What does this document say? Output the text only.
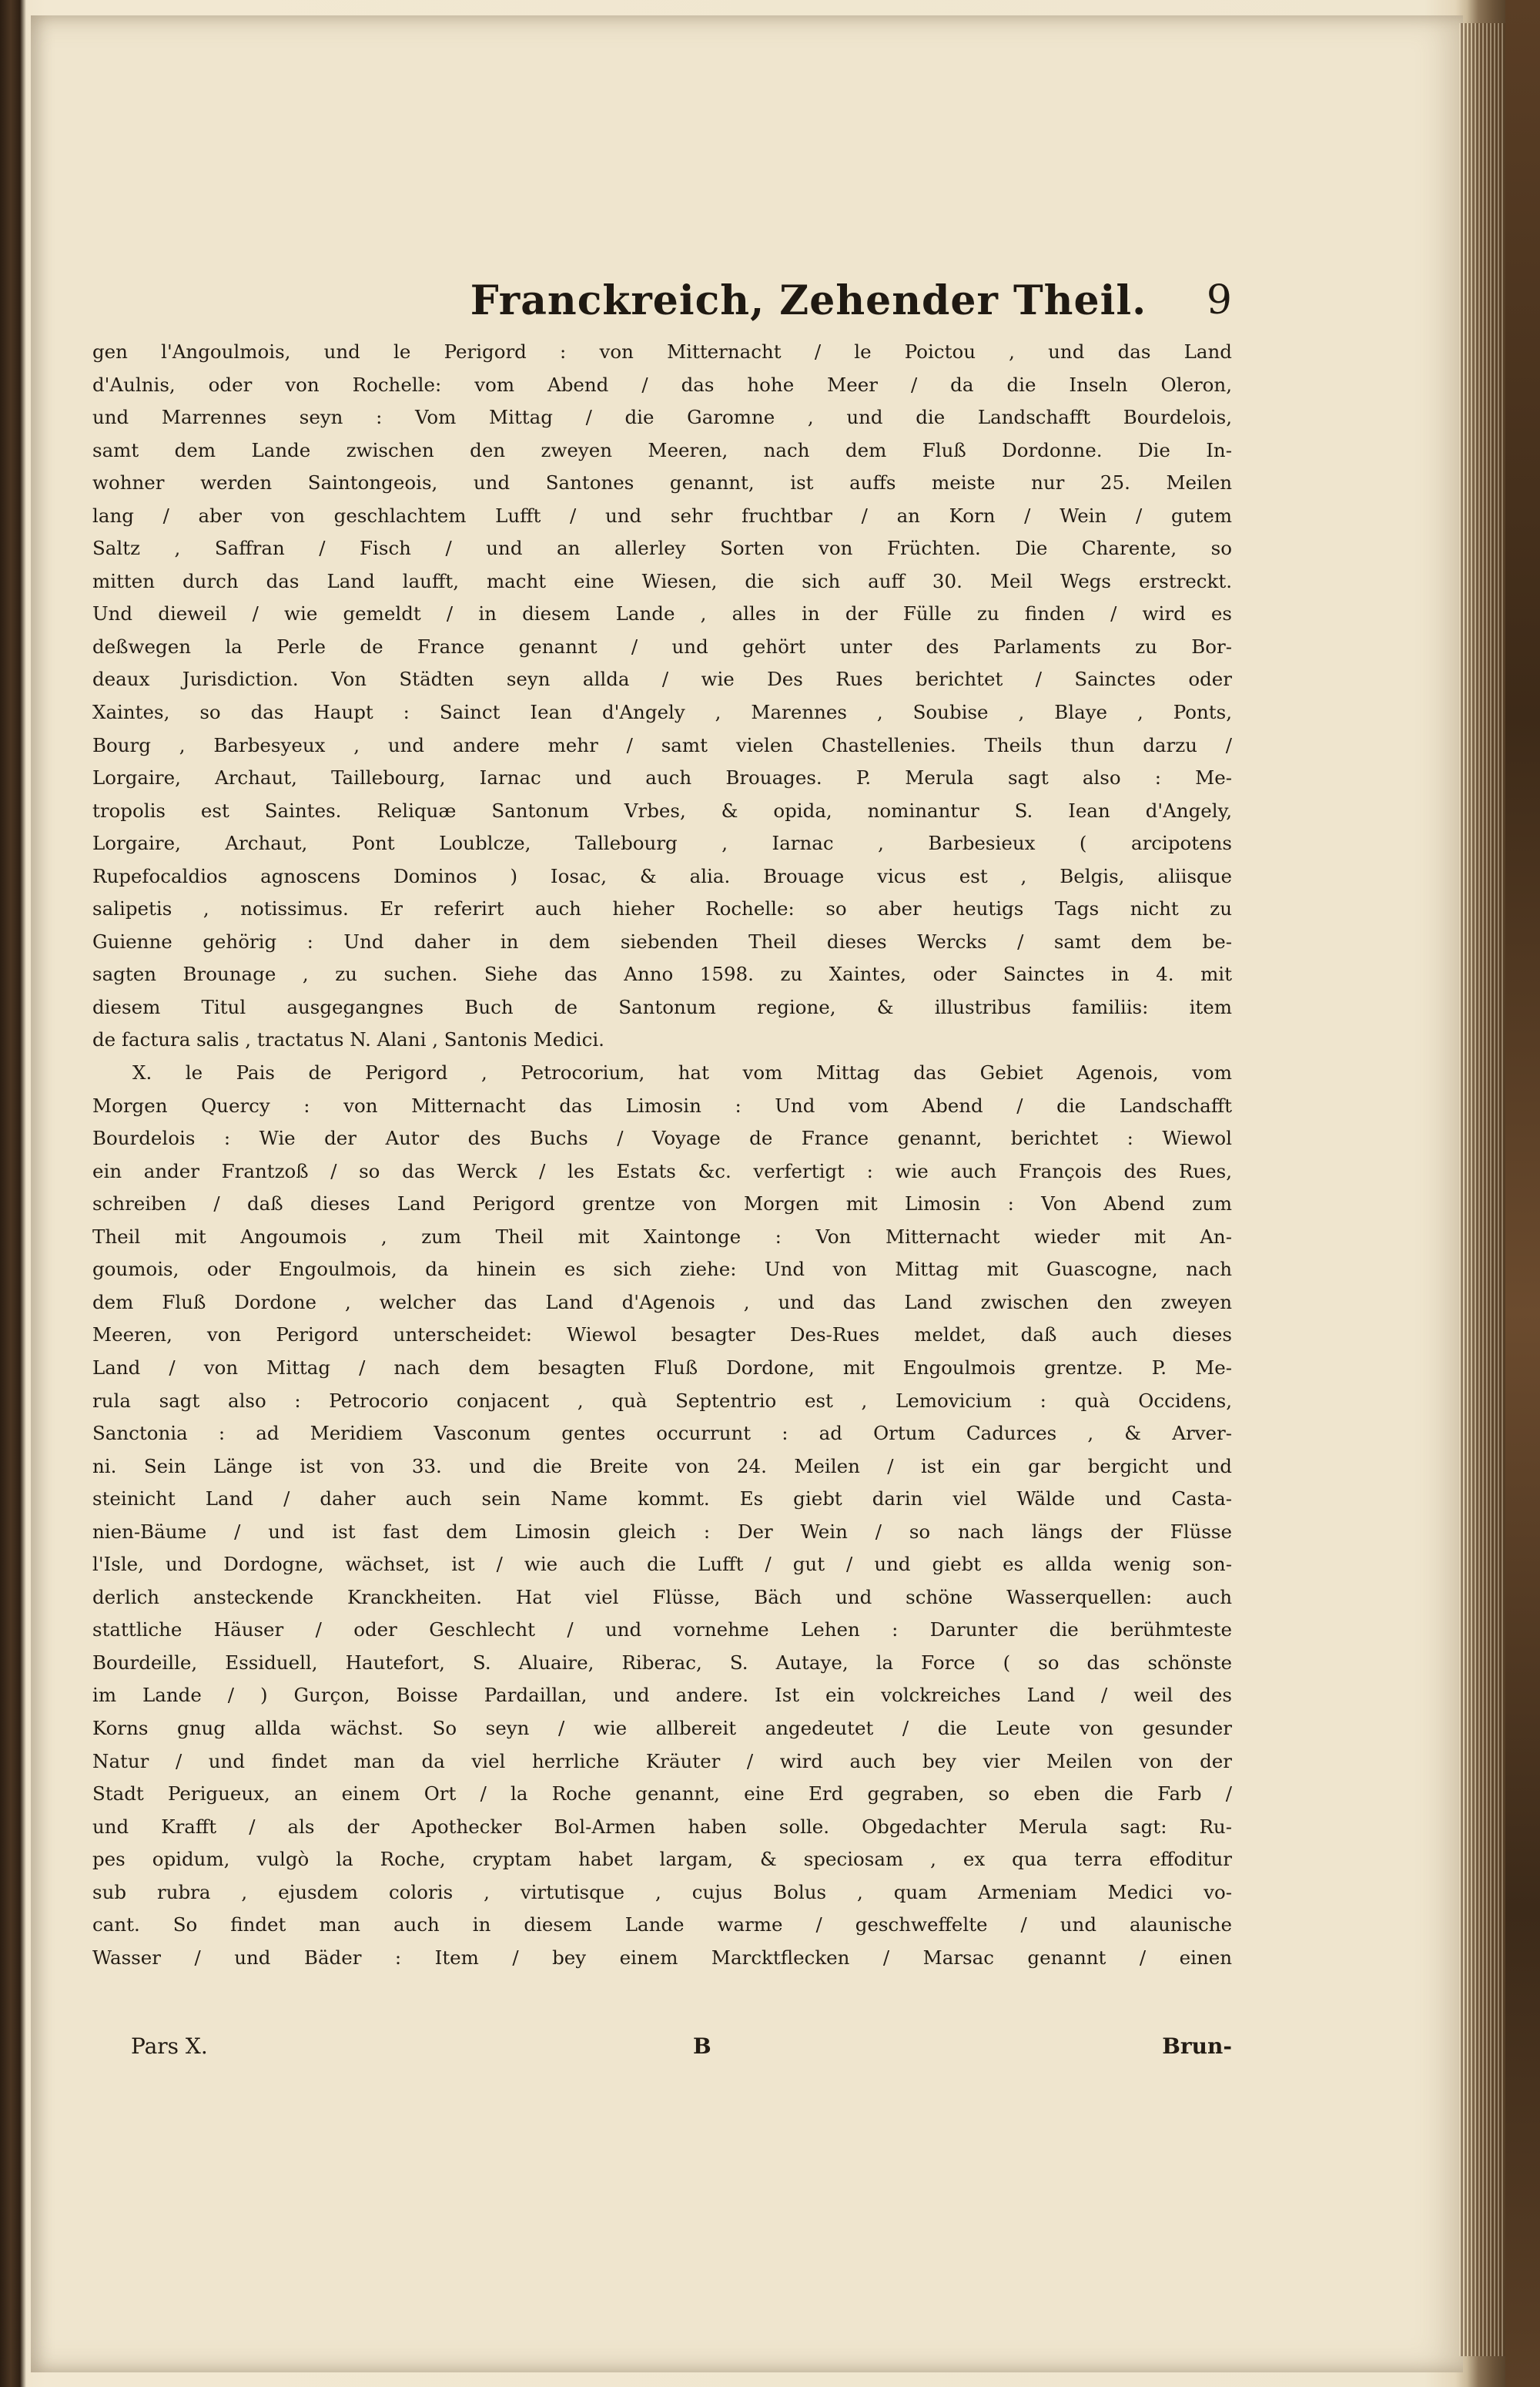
Franckreich, Zehender Theil.	9
gen l'Angoulmois, und le Perigord : von Mitternacht / le Poictou , und das Land
d'Aulnis, oder von Rochelle: vom Abend / das hohe Meer / da die Inseln Oleron,
und Marrennes seyn : Vom Mittag / die Garomne , und die Landschafft Bourdelois,
samt dem Lande zwischen den zweyen Meeren, nach dem Fluß Dordonne. Die In-
wohner werden Saintongeois, und Santones genannt, ist auffs meiste nur 25. Meilen
lang / aber von geschlachtem Lufft / und sehr fruchtbar / an Korn / Wein / gutem
Saltz , Saffran / Fisch / und an allerley Sorten von Früchten. Die Charente, so
mitten durch das Land laufft, macht eine Wiesen, die sich auff 30. Meil Wegs erstreckt.
Und dieweil / wie gemeldt / in diesem Lande , alles in der Fülle zu finden / wird es
deßwegen la Perle de France genannt / und gehört unter des Parlaments zu Bor-
deaux Jurisdiction. Von Städten seyn allda / wie Des Rues berichtet / Sainctes oder
Xaintes, so das Haupt : Sainct Iean d'Angely , Marennes , Soubise , Blaye , Ponts,
Bourg , Barbesyeux , und andere mehr / samt vielen Chastellenies. Theils thun darzu /
Lorgaire, Archaut, Taillebourg, Iarnac und auch Brouages. P. Merula sagt also : Me-
tropolis est Saintes. Reliquæ Santonum Vrbes, & opida, nominantur S. Iean d'Angely,
Lorgaire, Archaut, Pont Loublcze, Tallebourg , Iarnac , Barbesieux ( arcipotens
Rupefocaldios agnoscens Dominos ) Iosac, & alia. Brouage vicus est , Belgis, aliisque
salipetis , notissimus. Er referirt auch hieher Rochelle: so aber heutigs Tags nicht zu
Guienne gehörig : Und daher in dem siebenden Theil dieses Wercks / samt dem be-
sagten Brounage , zu suchen. Siehe das Anno 1598. zu Xaintes, oder Sainctes in 4. mit
diesem Titul ausgegangnes Buch de Santonum regione, & illustribus familiis: item
de factura salis , tractatus N. Alani , Santonis Medici.
X. le Pais de Perigord , Petrocorium, hat vom Mittag das Gebiet Agenois, vom
Morgen Quercy : von Mitternacht das Limosin : Und vom Abend / die Landschafft
Bourdelois : Wie der Autor des Buchs / Voyage de France genannt, berichtet : Wiewol
ein ander Frantzoß / so das Werck / les Estats &c. verfertigt : wie auch François des Rues,
schreiben / daß dieses Land Perigord grentze von Morgen mit Limosin : Von Abend zum
Theil mit Angoumois , zum Theil mit Xaintonge : Von Mitternacht wieder mit An-
goumois, oder Engoulmois, da hinein es sich ziehe: Und von Mittag mit Guascogne, nach
dem Fluß Dordone , welcher das Land d'Agenois , und das Land zwischen den zweyen
Meeren, von Perigord unterscheidet: Wiewol besagter Des-Rues meldet, daß auch dieses
Land / von Mittag / nach dem besagten Fluß Dordone, mit Engoulmois grentze. P. Me-
rula sagt also : Petrocorio conjacent , quà Septentrio est , Lemovicium : quà Occidens,
Sanctonia : ad Meridiem Vasconum gentes occurrunt : ad Ortum Cadurces , & Arver-
ni. Sein Länge ist von 33. und die Breite von 24. Meilen / ist ein gar bergicht und
steinicht Land / daher auch sein Name kommt. Es giebt darin viel Wälde und Casta-
nien-Bäume / und ist fast dem Limosin gleich : Der Wein / so nach längs der Flüsse
l'Isle, und Dordogne, wächset, ist / wie auch die Lufft / gut / und giebt es allda wenig son-
derlich ansteckende Kranckheiten. Hat viel Flüsse, Bäch und schöne Wasserquellen: auch
stattliche Häuser / oder Geschlecht / und vornehme Lehen : Darunter die berühmteste
Bourdeille, Essiduell, Hautefort, S. Aluaire, Riberac, S. Autaye, la Force ( so das schönste
im Lande / ) Gurçon, Boisse Pardaillan, und andere. Ist ein volckreiches Land / weil des
Korns gnug allda wächst. So seyn / wie allbereit angedeutet / die Leute von gesunder
Natur / und findet man da viel herrliche Kräuter / wird auch bey vier Meilen von der
Stadt Perigueux, an einem Ort / la Roche genannt, eine Erd gegraben, so eben die Farb /
und Krafft / als der Apothecker Bol-Armen haben solle. Obgedachter Merula sagt: Ru-
pes opidum, vulgò la Roche, cryptam habet largam, & speciosam , ex qua terra effoditur
sub rubra , ejusdem coloris , virtutisque , cujus Bolus , quam Armeniam Medici vo-
cant. So findet man auch in diesem Lande warme / geschweffelte / und alaunische
Wasser / und Bäder : Item / bey einem Marcktflecken / Marsac genannt / einen
Pars X.	B	Brun-
